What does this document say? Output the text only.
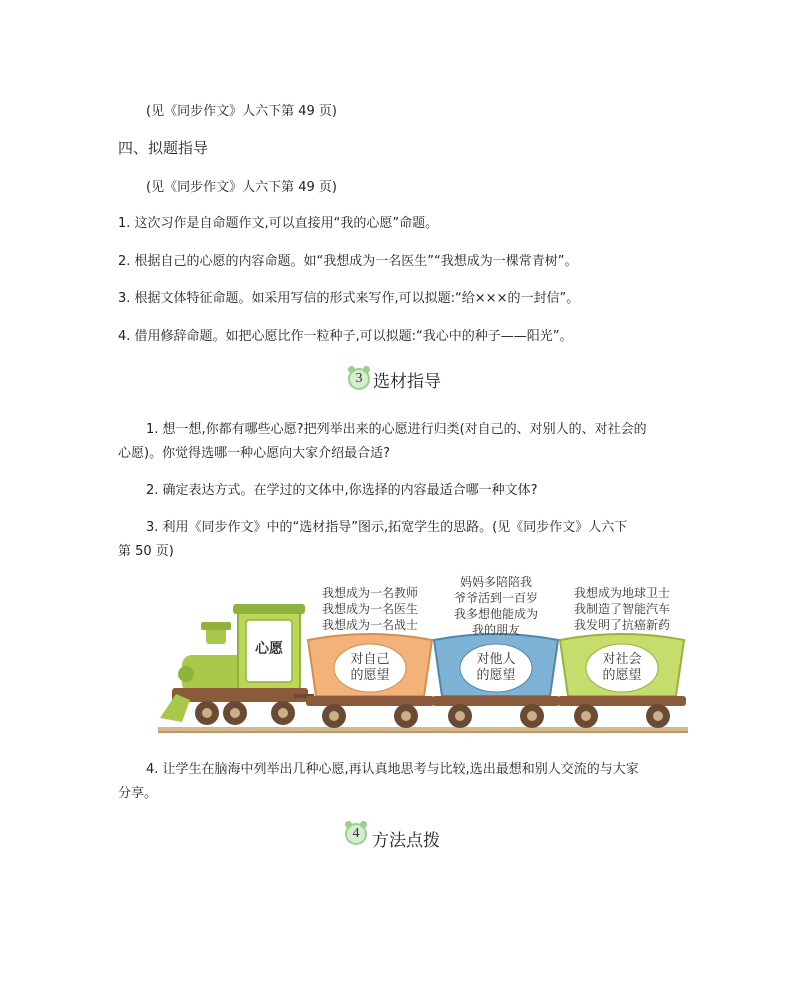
(见《同步作文》人六下第 49 页)
四、拟题指导
(见《同步作文》人六下第 49 页)
1. 这次习作是自命题作文,可以直接用“我的心愿”命题。
2. 根据自己的心愿的内容命题。如“我想成为一名医生”“我想成为一棵常青树”。
3. 根据文体特征命题。如采用写信的形式来写作,可以拟题:“给×××的一封信”。
4. 借用修辞命题。如把心愿比作一粒种子,可以拟题:“我心中的种子——阳光”。
3 选材指导
1. 想一想,你都有哪些心愿?把列举出来的心愿进行归类(对自己的、对别人的、对社会的
心愿)。你觉得选哪一种心愿向大家介绍最合适?
2. 确定表达方式。在学过的文体中,你选择的内容最适合哪一种文体?
3. 利用《同步作文》中的“选材指导”图示,拓宽学生的思路。(见《同步作文》人六下
第 50 页)
心愿
对自己
的愿望
对他人
的愿望
对社会
的愿望
我想成为一名教师
我想成为一名医生
我想成为一名战士
妈妈多陪陪我
爷爷活到一百岁
我多想他能成为
我的朋友
我想成为地球卫士
我制造了智能汽车
我发明了抗癌新药
4. 让学生在脑海中列举出几种心愿,再认真地思考与比较,选出最想和别人交流的与大家
分享。
4 方法点拨
